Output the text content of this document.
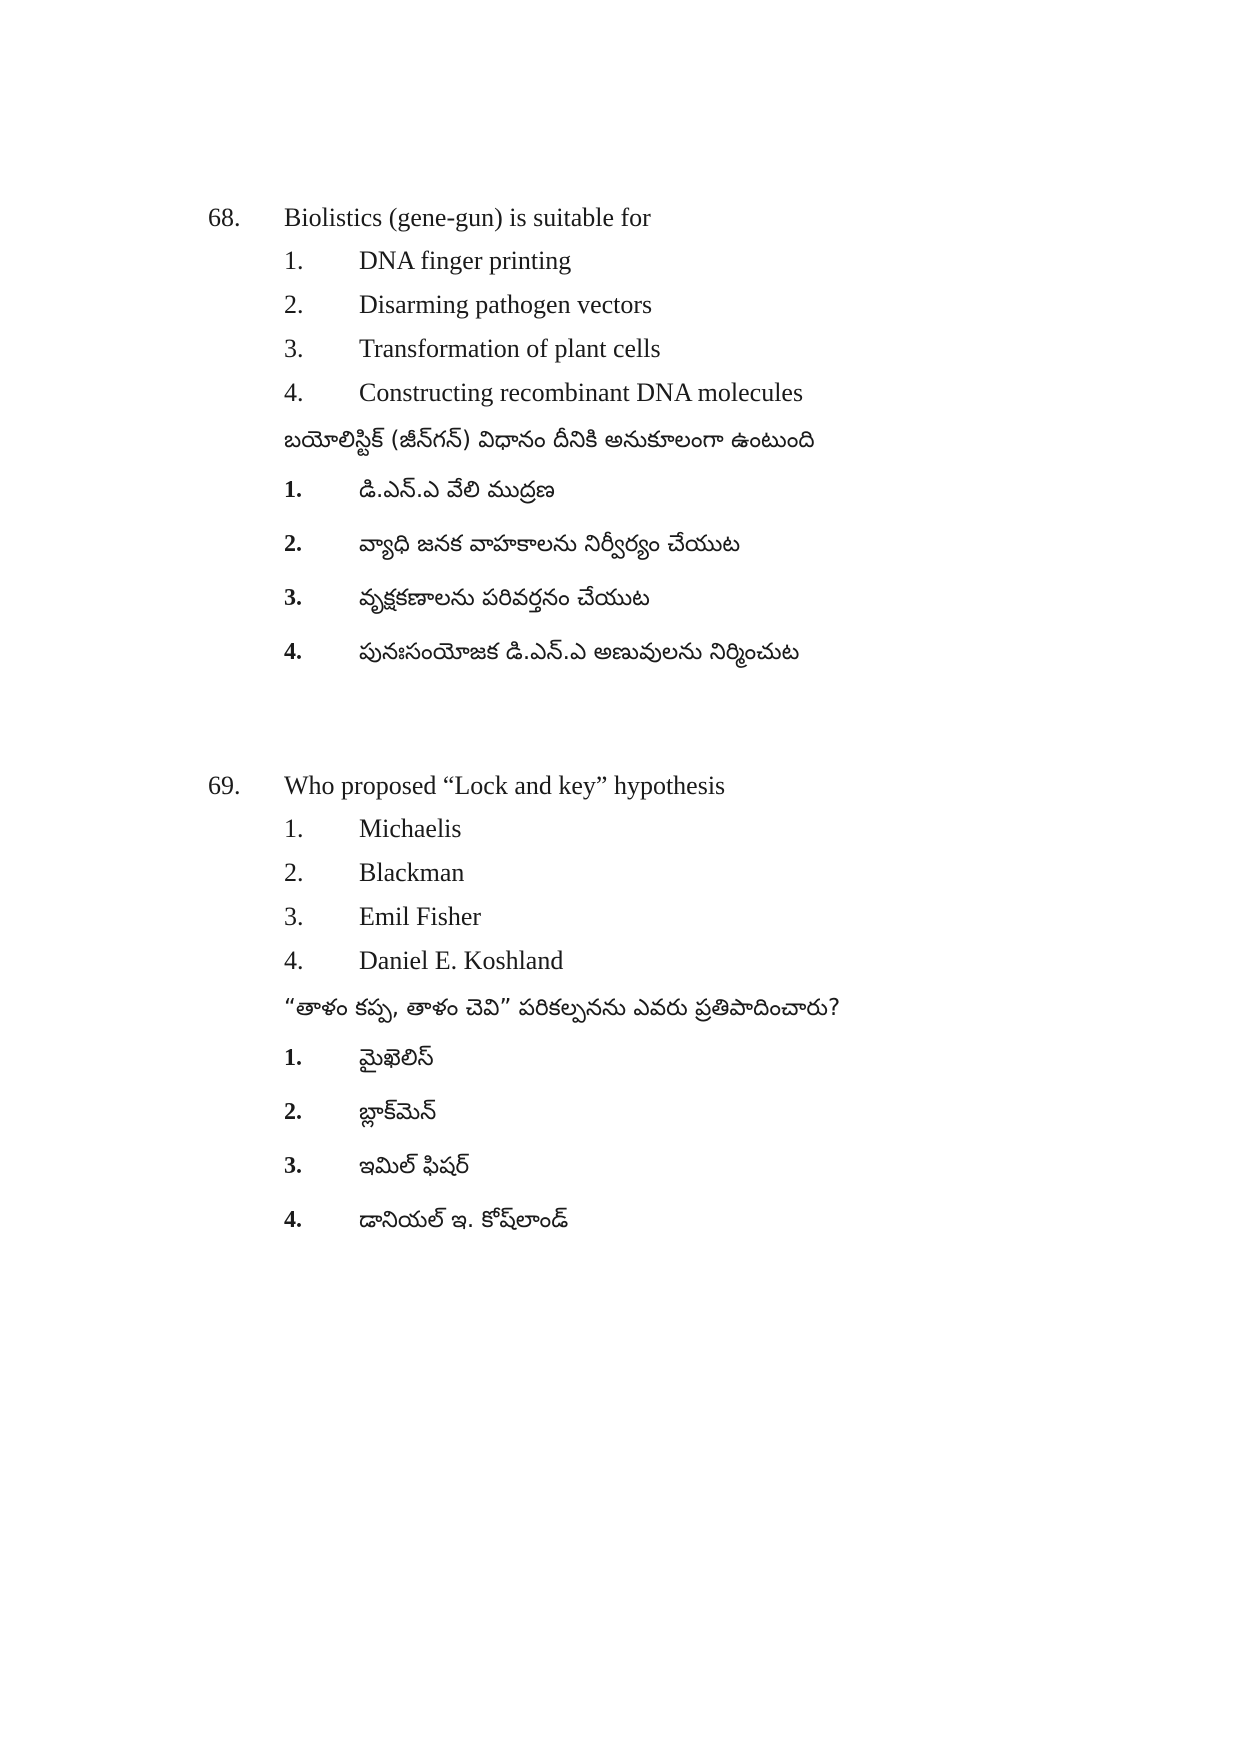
68. Biolistics (gene-gun) is suitable for
1. DNA finger printing
2. Disarming pathogen vectors
3. Transformation of plant cells
4. Constructing recombinant DNA molecules
బయోలిస్టిక్ (జీన్‌గన్) విధానం దీనికి అనుకూలంగా ఉంటుంది
1. డి.ఎన్.ఎ వేలి ముద్రణ
2. వ్యాధి జనక వాహకాలను నిర్వీర్యం చేయుట
3. వృక్షకణాలను పరివర్తనం చేయుట
4. పునఃసంయోజక డి.ఎన్.ఎ అణువులను నిర్మించుట
69. Who proposed “Lock and key” hypothesis
1. Michaelis
2. Blackman
3. Emil Fisher
4. Daniel E. Koshland
“తాళం కప్ప, తాళం చెవి” పరికల్పనను ఎవరు ప్రతిపాదించారు?
1. మైఖెలిస్
2. బ్లాక్‌మెన్
3. ఇమిల్ ఫిషర్
4. డానియల్ ఇ. కోష్‌లాండ్
